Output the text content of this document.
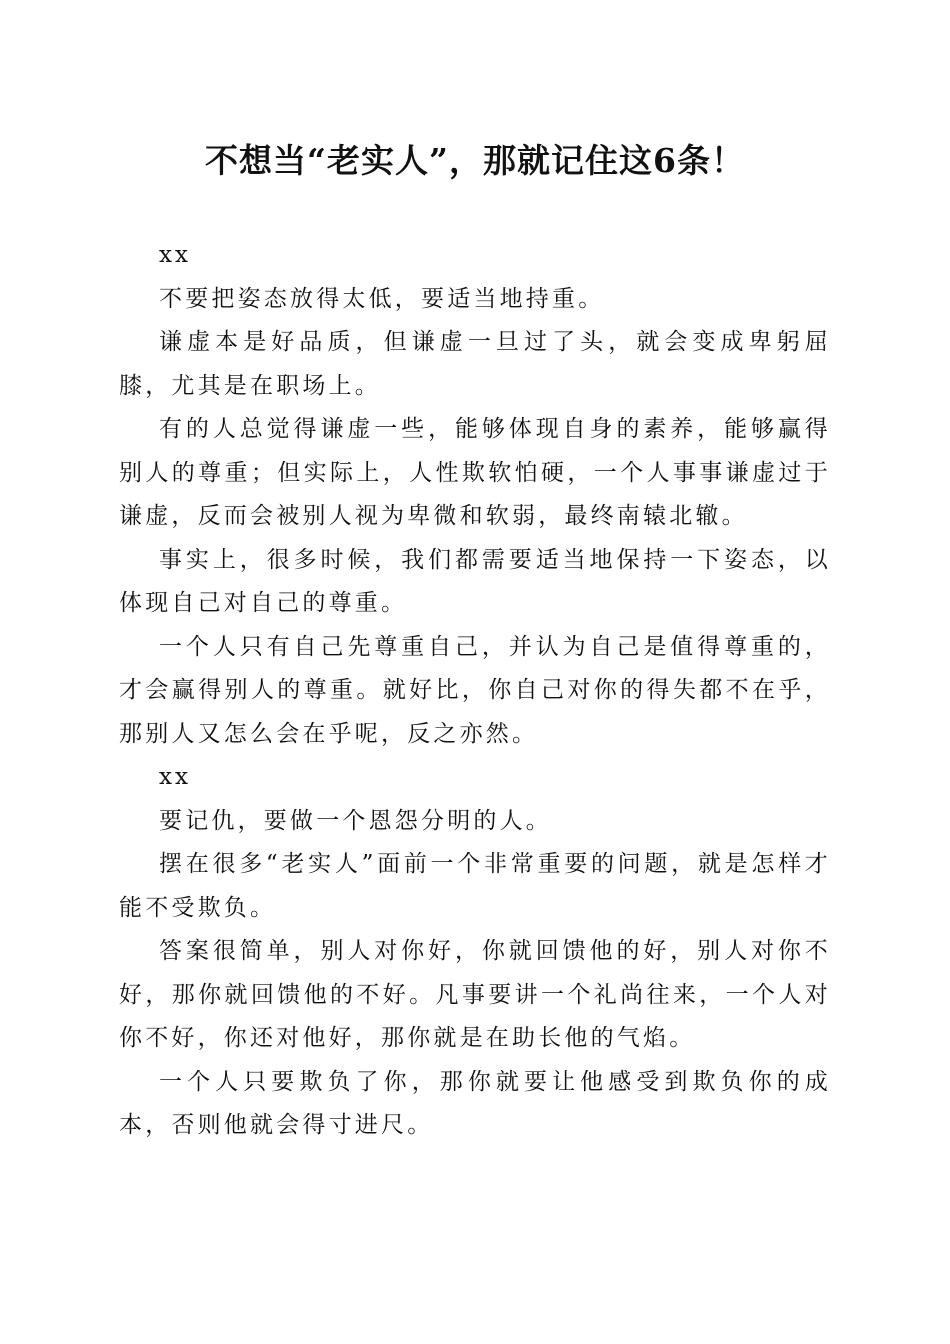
不想当“老实人”，那就记住这6条！

xx

不要把姿态放得太低，要适当地持重。

谦虚本是好品质，但谦虚一旦过了头，就会变成卑躬屈膝，尤其是在职场上。

有的人总觉得谦虚一些，能够体现自身的素养，能够赢得别人的尊重；但实际上，人性欺软怕硬，一个人事事谦虚过于谦虚，反而会被别人视为卑微和软弱，最终南辕北辙。

事实上，很多时候，我们都需要适当地保持一下姿态，以体现自己对自己的尊重。

一个人只有自己先尊重自己，并认为自己是值得尊重的，才会赢得别人的尊重。就好比，你自己对你的得失都不在乎，那别人又怎么会在乎呢，反之亦然。

xx

要记仇，要做一个恩怨分明的人。

摆在很多“老实人”面前一个非常重要的问题，就是怎样才能不受欺负。

答案很简单，别人对你好，你就回馈他的好，别人对你不好，那你就回馈他的不好。凡事要讲一个礼尚往来，一个人对你不好，你还对他好，那你就是在助长他的气焰。

一个人只要欺负了你，那你就要让他感受到欺负你的成本，否则他就会得寸进尺。
